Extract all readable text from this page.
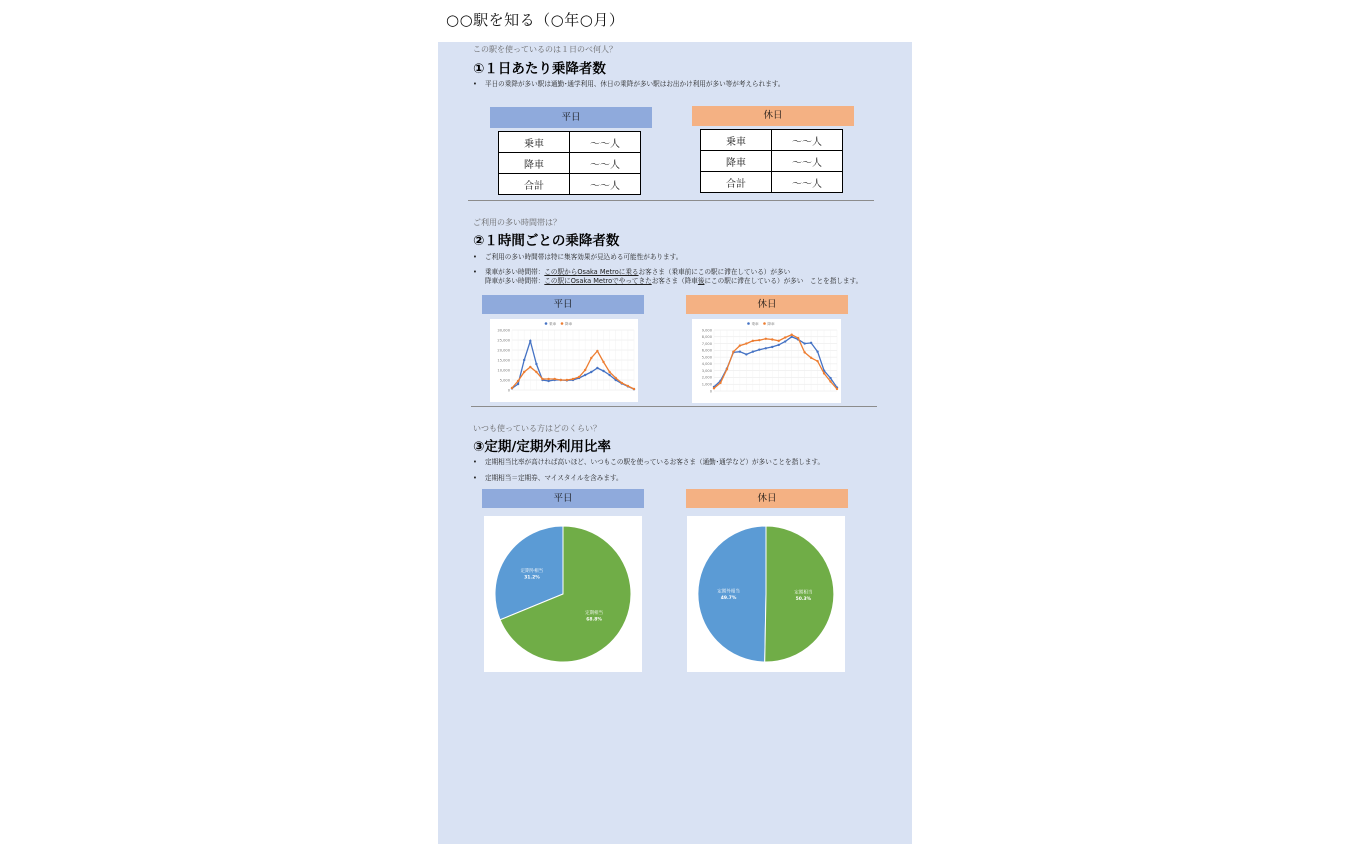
○○駅を知る（○年○月）
この駅を使っているのは１日のべ何人？
①１日あたり乗降者数
• 平日の乗降が多い駅は通勤･通学利用、休日の乗降が多い駅はお出かけ利用が多い等が考えられます。
平日	休日
乗車	～～人
降車	～～人
合計	～～人
乗車	～～人
降車	～～人
合計	～～人
ご利用の多い時間帯は？
②１時間ごとの乗降者数
• ご利用の多い時間帯は特に集客効果が見込める可能性があります。
• 乗車が多い時間帯：この駅からOsaka Metroに乗るお客さま（乗車前にこの駅に滞在している）が多い
降車が多い時間帯：この駅にOsaka Metroでやってきたお客さま（降車後にこの駅に滞在している）が多い　ことを指します。
平日	休日
0
5,000
10,000
15,000
20,000
25,000
30,000
乗車 降車
0
1,000
2,000
3,000
4,000
5,000
6,000
7,000
8,000
9,000
乗車 降車
いつも使っている方はどのくらい？
③定期/定期外利用比率
• 定期相当比率が高ければ高いほど、いつもこの駅を使っているお客さま（通勤･通学など）が多いことを指します。
• 定期相当＝定期券、マイスタイルを含みます。
平日	休日
定期外相当
31.2%
定期相当
68.8%
定期外相当
49.7%
定期相当
50.3%
